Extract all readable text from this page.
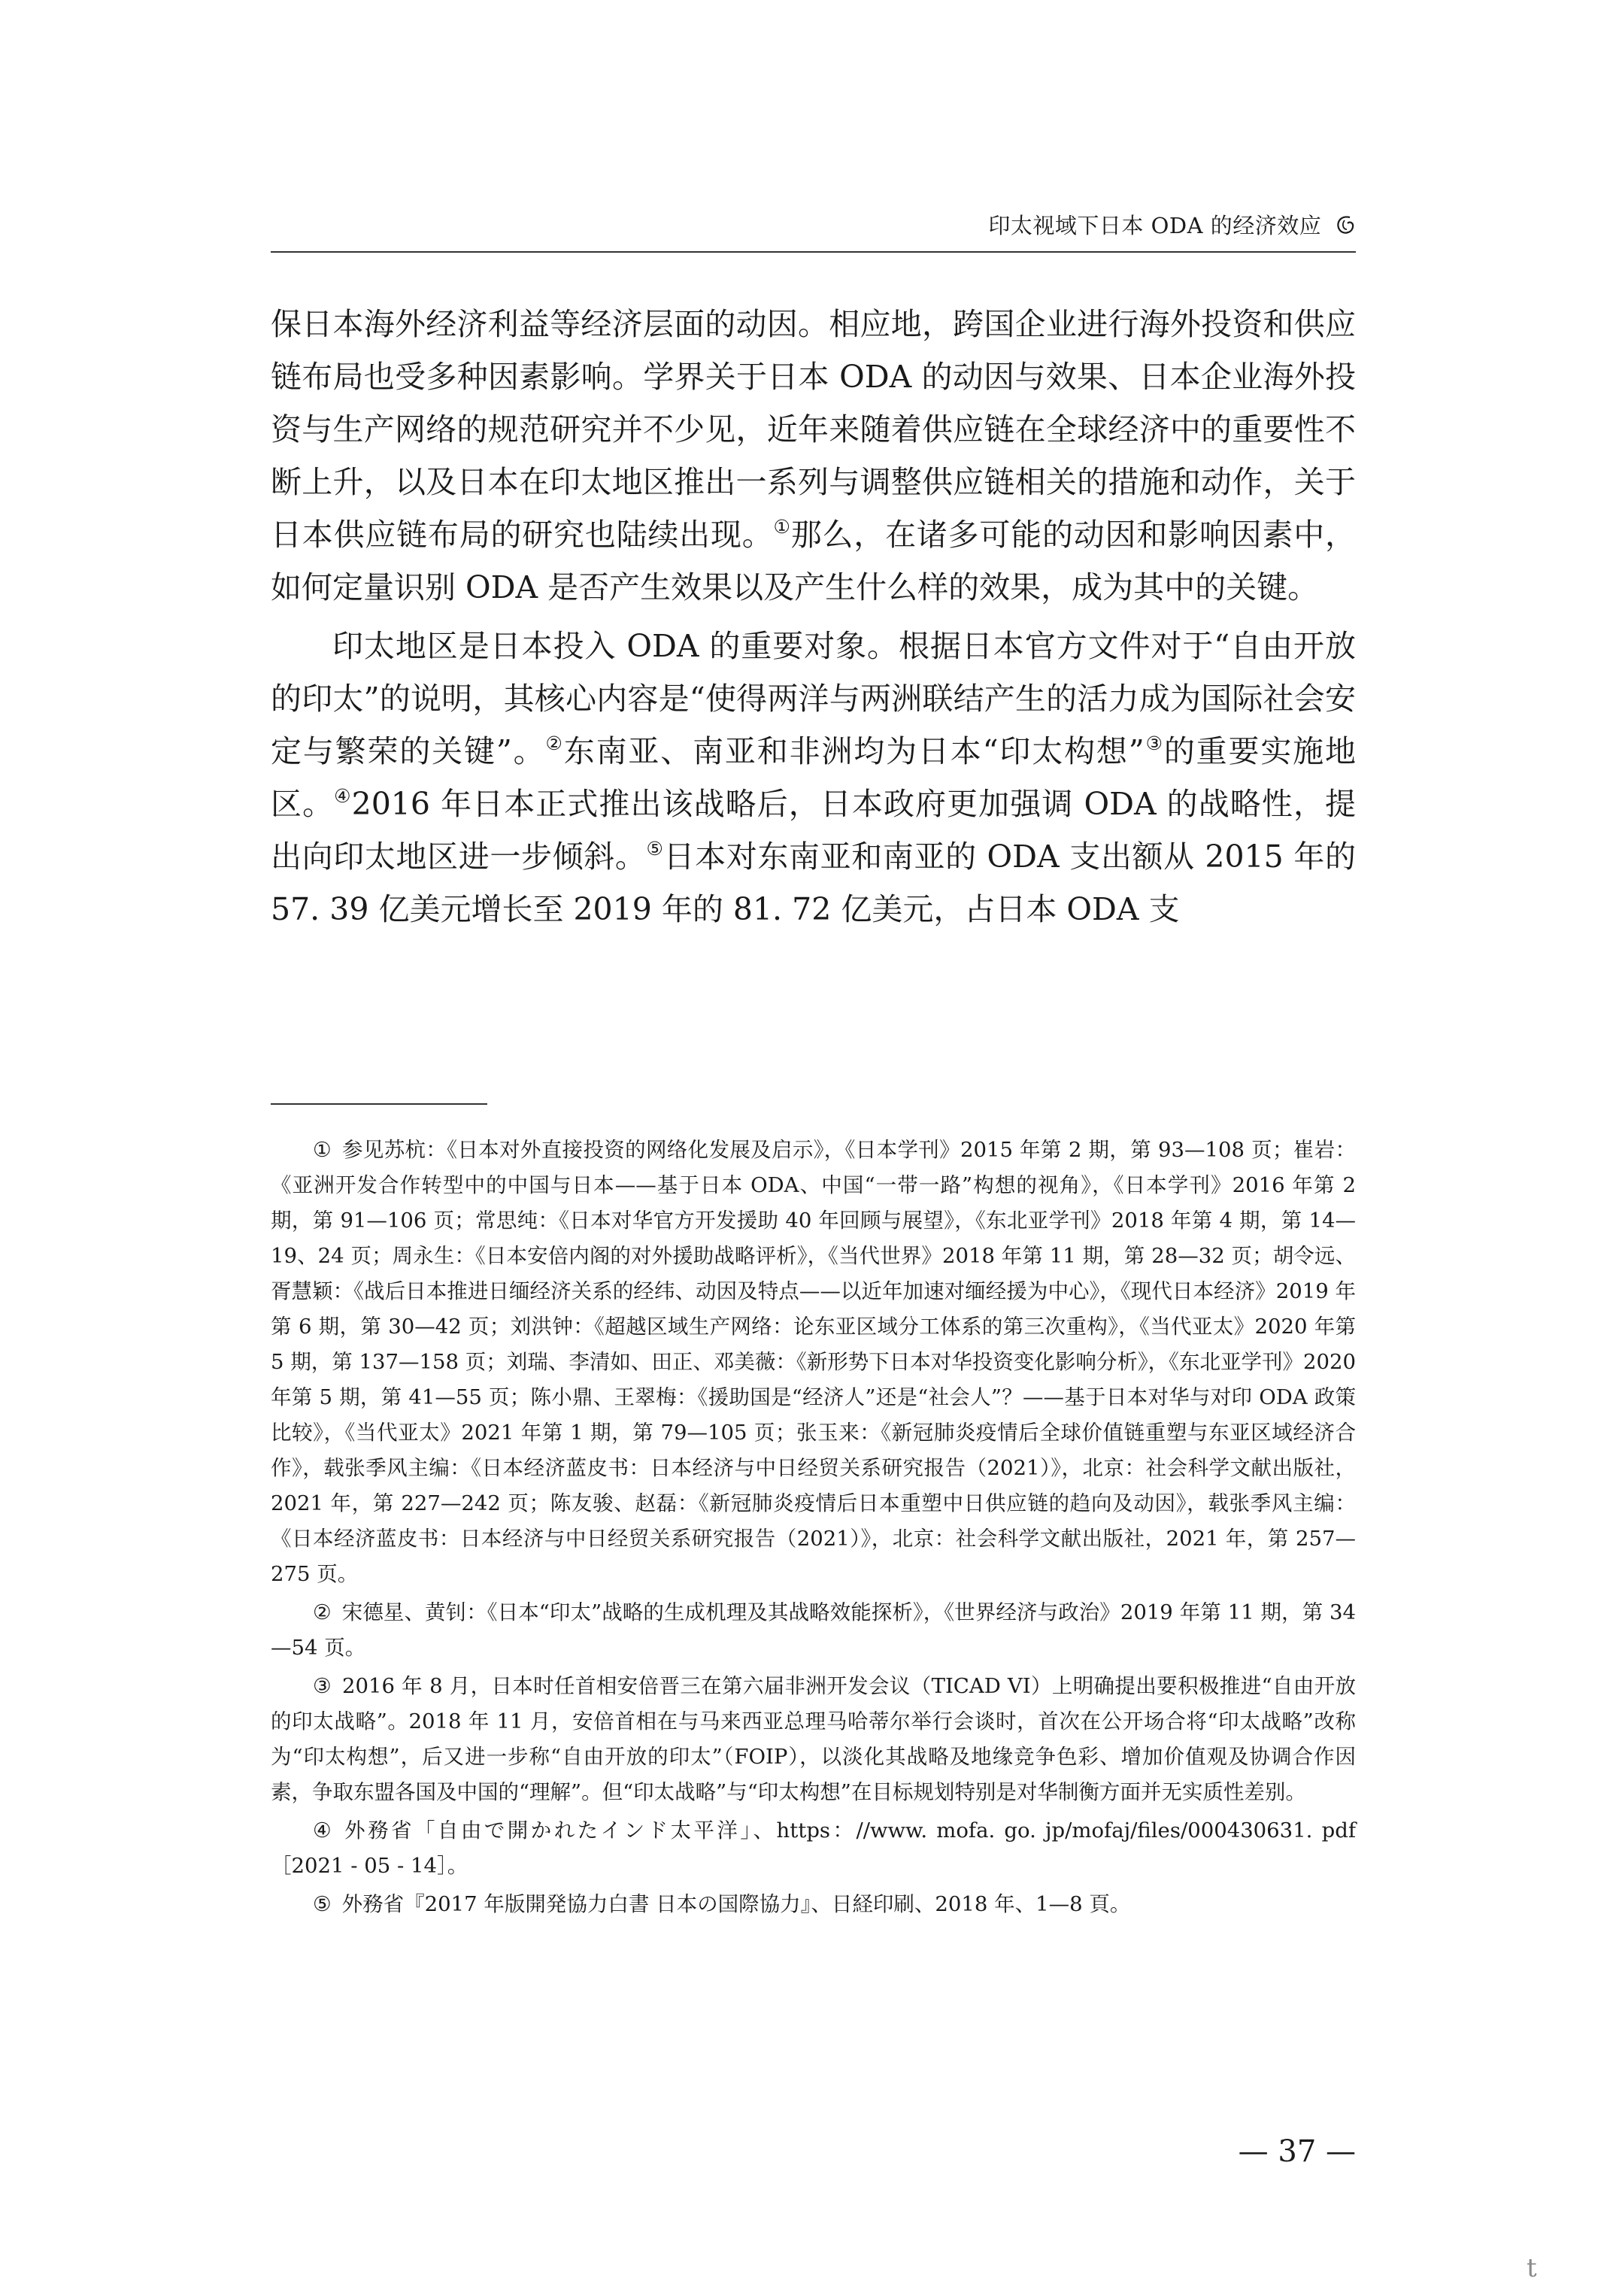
印太视域下日本 ODA 的经济效应

保日本海外经济利益等经济层面的动因。相应地，跨国企业进行海外投资和供应链布局也受多种因素影响。学界关于日本 ODA 的动因与效果、日本企业海外投资与生产网络的规范研究并不少见，近年来随着供应链在全球经济中的重要性不断上升，以及日本在印太地区推出一系列与调整供应链相关的措施和动作，关于日本供应链布局的研究也陆续出现。①那么，在诸多可能的动因和影响因素中，如何定量识别 ODA 是否产生效果以及产生什么样的效果，成为其中的关键。

印太地区是日本投入 ODA 的重要对象。根据日本官方文件对于“自由开放的印太”的说明，其核心内容是“使得两洋与两洲联结产生的活力成为国际社会安定与繁荣的关键”。②东南亚、南亚和非洲均为日本“印太构想”③的重要实施地区。④2016 年日本正式推出该战略后，日本政府更加强调 ODA 的战略性，提出向印太地区进一步倾斜。⑤日本对东南亚和南亚的 ODA 支出额从 2015 年的 57. 39 亿美元增长至 2019 年的 81. 72 亿美元，占日本 ODA 支

① 参见苏杭：《日本对外直接投资的网络化发展及启示》，《日本学刊》2015 年第 2 期，第 93—108 页；崔岩：《亚洲开发合作转型中的中国与日本——基于日本 ODA、中国“一带一路”构想的视角》，《日本学刊》2016 年第 2 期，第 91—106 页；常思纯：《日本对华官方开发援助 40 年回顾与展望》，《东北亚学刊》2018 年第 4 期，第 14—19、24 页；周永生：《日本安倍内阁的对外援助战略评析》，《当代世界》2018 年第 11 期，第 28—32 页；胡令远、胥慧颖：《战后日本推进日缅经济关系的经纬、动因及特点——以近年加速对缅经援为中心》，《现代日本经济》2019 年第 6 期，第 30—42 页；刘洪钟：《超越区域生产网络：论东亚区域分工体系的第三次重构》，《当代亚太》2020 年第 5 期，第 137—158 页；刘瑞、李清如、田正、邓美薇：《新形势下日本对华投资变化影响分析》，《东北亚学刊》2020 年第 5 期，第 41—55 页；陈小鼎、王翠梅：《援助国是“经济人”还是“社会人”？——基于日本对华与对印 ODA 政策比较》，《当代亚太》2021 年第 1 期，第 79—105 页；张玉来：《新冠肺炎疫情后全球价值链重塑与东亚区域经济合作》，载张季风主编：《日本经济蓝皮书：日本经济与中日经贸关系研究报告（2021）》，北京：社会科学文献出版社，2021 年，第 227—242 页；陈友骏、赵磊：《新冠肺炎疫情后日本重塑中日供应链的趋向及动因》，载张季风主编：《日本经济蓝皮书：日本经济与中日经贸关系研究报告（2021）》，北京：社会科学文献出版社，2021 年，第 257—275 页。

② 宋德星、黄钊：《日本“印太”战略的生成机理及其战略效能探析》，《世界经济与政治》2019 年第 11 期，第 34—54 页。

③ 2016 年 8 月，日本时任首相安倍晋三在第六届非洲开发会议（TICAD VI）上明确提出要积极推进“自由开放的印太战略”。2018 年 11 月，安倍首相在与马来西亚总理马哈蒂尔举行会谈时，首次在公开场合将“印太战略”改称为“印太构想”，后又进一步称“自由开放的印太”（FOIP），以淡化其战略及地缘竞争色彩、增加价值观及协调合作因素，争取东盟各国及中国的“理解”。但“印太战略”与“印太构想”在目标规划特别是对华制衡方面并无实质性差别。

④ 外務省「自由で開かれたインド太平洋」、https：//www. mofa. go. jp/mofaj/files/000430631. pdf［2021 - 05 - 14］。

⑤ 外務省『2017 年版開発協力白書 日本の国際協力』、日経印刷、2018 年、1—8 頁。

— 37 —
t
